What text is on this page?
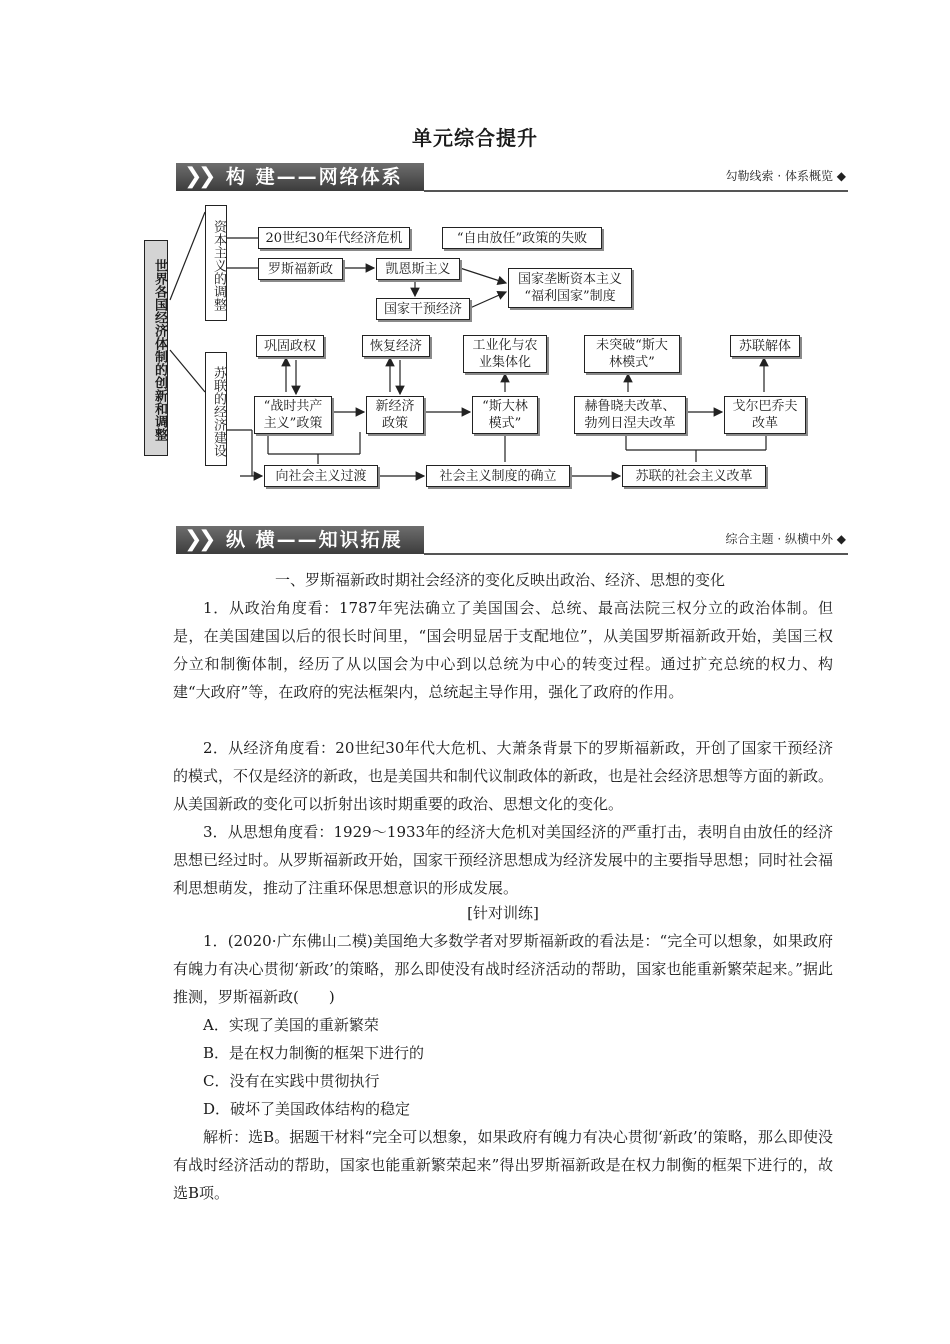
单元综合提升
❯
❯ 构 建——网络体系	勾勒线索 · 体系概览 ◆
世界各国经济体制的创新和调整	资本主义的调整
苏联的经济建设
20世纪30年代经济危机	“自由放任”政策的失败
罗斯福新政	凯恩斯主义
国家干预经济
国家垄断资本主义
“福利国家”制度
巩固政权	恢复经济	工业化与农
业集体化
未突破“斯大
林模式”
苏联解体
“战时共产
主义”政策
新经济
政策
“斯大林
模式”
赫鲁晓夫改革、
勃列日涅夫改革
戈尔巴乔夫
改革
向社会主义过渡	社会主义制度的确立	苏联的社会主义改革
❯
❯ 纵 横——知识拓展	综合主题 · 纵横中外 ◆
一、罗斯福新政时期社会经济的变化反映出政治、经济、思想的变化
1．从政治角度看：1787年宪法确立了美国国会、总统、最高法院三权分立的政治体制。但是，在美国建国以后的很长时间里，“国会明显居于支配地位”，从美国罗斯福新政开始，美国三权分立和制衡体制，经历了从以国会为中心到以总统为中心的转变过程。通过扩充总统的权力、构建“大政府”等，在政府的宪法框架内，总统起主导作用，强化了政府的作用。
2．从经济角度看：20世纪30年代大危机、大萧条背景下的罗斯福新政，开创了国家干预经济的模式，不仅是经济的新政，也是美国共和制代议制政体的新政，也是社会经济思想等方面的新政。从美国新政的变化可以折射出该时期重要的政治、思想文化的变化。
3．从思想角度看：1929～1933年的经济大危机对美国经济的严重打击，表明自由放任的经济思想已经过时。从罗斯福新政开始，国家干预经济思想成为经济发展中的主要指导思想；同时社会福利思想萌发，推动了注重环保思想意识的形成发展。
[针对训练]
1．(2020·广东佛山二模)美国绝大多数学者对罗斯福新政的看法是：“完全可以想象，如果政府有魄力有决心贯彻‘新政’的策略，那么即使没有战时经济活动的帮助，国家也能重新繁荣起来。”据此推测，罗斯福新政(　　)
A．实现了美国的重新繁荣
B．是在权力制衡的框架下进行的
C．没有在实践中贯彻执行
D．破坏了美国政体结构的稳定
解析：选B。据题干材料“完全可以想象，如果政府有魄力有决心贯彻‘新政’的策略，那么即使没有战时经济活动的帮助，国家也能重新繁荣起来”得出罗斯福新政是在权力制衡的框架下进行的，故选B项。
